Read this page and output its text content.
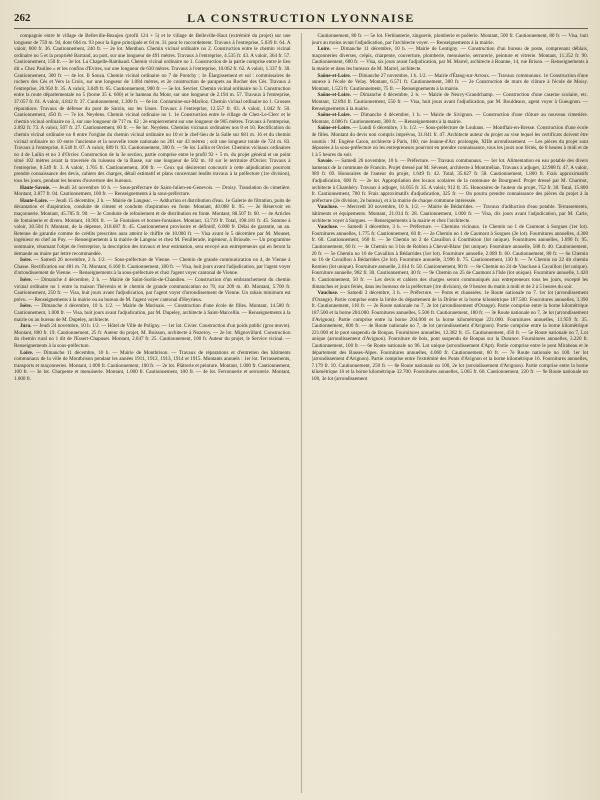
262	LA CONSTRUCTION LYONNAISE

compagnie entre le village de Belleville-Beaujeu (profil 124 + 5) et le village de Belleville-Haut (extrémité du projet) sur une longueur de 759 m. 94, dont 604 m. 93 pour la ligne principale et 64 m. 31 pour le raccordement. Travaux à l'entreprise, 5.039 fr. 64. A valoir, 800 fr. 36. Cautionnement, 240 fr. — 2e lot. Menthon. Chemin vicinal ordinaire no 2. Construction entre le chemin vicinal ordinaire no 5 et la propriété Barrand, au port, sur une longueur de 491 mètres. Travaux à l'entreprise, 4.535 fr. 43. A valoir, 364 fr. 57. Cautionnement, 150 fr. — 3e lot. La Chapelle-Rambaud. Chemin vicinal ordinaire no 1. Construction de la partie comprise entre le lieu dit « Chez Pauline » et les confins d'Evires, sur une longueur de 630 mètres. Travaux à l'entreprise, 10.062 fr. 62. A valoir, 1.337 fr. 38. Cautionnement, 300 fr. — 4e lot. Il Sonza. Chemin vicinal ordinaire no 7 de Pontchy ; 1e Élargissement et sol : commissaires de rochers des Cés et Vers la Croix, sur une longueur de 1.084 mètres, et 2e construction de parapets au Rocher des Cés. Travaux à l'entreprise, 26.950 fr. 35. A valoir, 3.049 fr. 65. Cautionnement, 900 fr. — 5e lot. Sevrier. Chemin vicinal ordinaire no 3. Construction entre la route départementale no 5 (borne 35 k. 600) et le hameau du Mont, sur une longueur de 2.194 m. 57. Travaux à l'entreprise, 37.057 fr. 61. A valoir, 4.842 fr. 37. Cautionnement, 1.300 fr. — 6e lot. Contamine-sur-Marlioz. Chemin vicinal ordinaire no 1. Grosses réparations. Travaux de défense du pont de Sarzin, sur les Usses. Travaux à l'entreprise, 12.557 fr. 03. A valoir, 1.042 fr. 50. Cautionnement, 450 fr. — 7e lot. Neydens. Chemin vicinal ordinaire no 1. 1e Construction entre le village de Chez-Le-Clerc et le chemin vicinal ordinaire no 3, sur une longueur de 717 m. 62 ; 2e empierrement sur une longueur de 905 mètres. Travaux à l'entreprise, 2.892 fr. 73. A valoir, 507 fr. 27. Cautionnement, 60 fr. — 8e lot. Neydens. Chemins vicinaux ordinaires nos 8 et 10. Rectification du chemin vicinal ordinaire no 8 entre l'origine du chemin vicinal ordinaire no 10 et le chef-lieu de la Salle sur 681 m. 16 et du chemin vicinal ordinaire no 10 entre l'ancienne et la nouvelle route nationale no 201 sur 43 mètres ; soit une longueur totale de 724 m. 83. Travaux à l'entreprise, 8.540 fr. 07. A valoir, 889 fr. 93. Cautionnement, 300 fr. — 9e lot. Lullin et Orcier. Chemins vicinaux ordinaires no 4 de Lullin et no 3 d'Orcier. Construction de la 3e section, partie comprise entre le profil 92 + 5 m. du projet général et un point situé 102 mètres avant la traversée du ruisseau de la Basse, sur une longueur de 502 m. 10 sur le territoire d'Orcier. Travaux à l'entreprise, 8.549 fr. 3. A valoir, 1.765 fr. Cautionnement, 300 fr. — Ceux qui désireront concourir à cette adjudication pourront prendre connaissance des devis, cahiers des charges, détail estimatif et plans concernant lesdits travaux à la préfecture (1re division), tous les jours, pendant les heures d'ouverture des bureaux.

Haute-Savoie. — Jeudi 24 novembre 10 h. — Sous-préfecture de Saint-Julien-en-Genevois. — Droisy. Translation du cimetière. Montant, 3.877 fr. 04. Cautionnement, 100 fr. — Renseignements à la sous-préfecture.

Haute-Loire. — Jeudi 15 décembre, 2 h. — Mairie de Langeac. — Adduction et distribution d'eau. 1e Galerie de filtration, puits de décantation et d'aspiration, conduite de ciment et conduite d'aspiration en fonte. Montant, 40.068 fr. 95. — 2e Réservoir en maçonnerie. Montant, 45.785 fr. 90. — 3e Conduite de refoulement et de distribution en fonte. Montant, 88.507 fr. 60. — 4e Articles de fontainerie et divers. Montant, 10.901 fr. — 5e Fontaines et bornes-fontaines. Montant, 13.719 fr. Total, 198.181 fr. 45. Somme à valoir, 30.504 fr. Montant, de la dépense, 218.687 fr. 45. Cautionnement provisoire et définitif, 6.000 fr. Délai de garantie, un an. Retenue de garantie comme de crédits prescrites aura atteint le chiffre de 10.000 fr. — Visa avant le 5 décembre par M. Mounet, ingénieur en chef au Puy. — Renseignements à la mairie de Langeac et chez M. Feuillerade, ingénieur, à Brioude. — Un programme sommaire, résumant l'objet de l'entreprise, la description des travaux et leur estimation, sera envoyé aux entrepreneurs qui en feront la demande au maire par lettre recommandée.

Isère. — Samedi 26 novembre, 2 h. 1/2. — Sous-préfecture de Vienne. — Chemin de grande communication no 4, de Vienne à Chasse. Rectification sur 481 m. 74. Montant, 6.160 fr. Cautionnement, 180 fr. — Visa, huit jours avant l'adjudication, par l'agent voyer d'arrondissement de Vienne. — Renseignements à la sous-préfecture et chez l'agent voyer cantonal de Vienne.

Isère. — Dimanche 4 décembre, 2 h. — Mairie de Saint-Sorlin-de-Chandieu. — Construction d'un embranchement du chemin vicinal ordinaire no 1 entre la maison Thévenin et le chemin de grande communication no 70, sur 209 m. 40. Montant, 5.700 fr. Cautionnement, 250 fr. — Visa, huit jours avant l'adjudication, par l'agent voyer d'arrondissement de Vienne. Un rabais minimum est prévu. — Renseignements à la mairie ou au bureau de M. l'agent voyer cantonal d'Heyrieux.

Isère. — Dimanche 4 décembre, 10 h. 1/2. — Mairie de Murinais. — Construction d'une école de filles. Montant, 14.580 fr. Cautionnement, 1.000 fr. — Visa, huit jours avant l'adjudication, par M. Dupeley, architecte à Saint-Marcellin. — Renseignements à la mairie ou au bureau de M. Dupeley, architecte.

Jura. — Jeudi 24 novembre, 10 h. 1/2. — Hôtel de Ville de Poligny. — 1er lot. Civier. Construction d'un poids public (gros œuvre). Montant, 800 fr. 19. Cautionnement, 25 fr. Auteur du projet, M. Boisson, architecte à Nozeroy. — 2e lot. Mignovillard. Construction du chemin rural no 1 dit de l'Essert-Chapuset. Montant, 2.047 fr. 25. Cautionnement, 100 fr. Auteur du projet, le Service vicinal. — Renseignements à la sous-préfecture.

Loire. — Dimanche 11 décembre, 10 h. — Mairie de Montbrison. — Travaux de réparations et d'entretien des bâtiments communaux de la ville de Montbrison pendant les années 1911, 1912, 1913, 1914 et 1915. Montants annuels : 1er lot. Terrassements, transports et maçonneries. Montant, 1.000 fr. Cautionnement, 100 fr. — 2e lot. Plâtrerie et peinture. Montant, 1.000 fr. Cautionnement, 100 fr. — 3e lot. Charpente et menuiserie. Montant, 1.000 fr. Cautionnement, 100 fr. — 4e lot. Ferronnerie et serrurerie. Montant, 1.000 fr.

Cautionnement, 80 fr. — 5e lot. Ferblanterie, zinguerie, plomberie et poêlerie. Montant, 500 fr. Cautionnement, 80 fr. — Visa, huit jours au moins avant l'adjudication, par l'architecte voyer. — Renseignements à la mairie.

Loire. — Dimanche 11 décembre, 10 h. — Mairie de Lentigny. — Construction d'un bureau de poste, comprenant déblais, maçonneries diverses, crépis, charpente, couverture, plomberie, menuiserie, serrurerie, peinture et vitrerie. Montant, 11.352 fr. 90. Cautionnement, 600 fr. — Visa, six jours avant l'adjudication, par M. Marrel, architecte à Roanne, 14, rue Brison. — Renseignements à la mairie et dans les bureaux de M. Marrel, architecte.

Saône-et-Loire. — Dimanche 27 novembre, 1 h. 1/2. — Mairie d'Étang-sur-Arroux. — Travaux communaux. 1e Construction d'une annexe à l'école de Velay. Montant, 6.571 fr. Cautionnement, 300 fr. — 2e Construction de murs de clôture à l'école de Moisy. Montant, 1.523 fr. Cautionnement, 75 fr. — Renseignements à la mairie.

Saône-et-Loire. — Dimanche 4 décembre, 2 h. — Mairie de Neuvy-Grandchamp. — Construction d'une caserne scolaire, etc. Montant, 12.894 fr. Cautionnement, 550 fr. — Visa, huit jours avant l'adjudication, par M. Bouldeaux, agent voyer à Gueugnon. — Renseignements à la mairie.

Saône-et-Loire. — Dimanche 4 décembre, 1 h. — Mairie de Sivignon. — Construction d'une clôture au nouveau cimetière. Montant, 4.086 fr. Cautionnement, 300 fr. — Renseignements à la mairie.

Saône-et-Loire. — Lundi 6 décembre, 1 h. 1/2. — Sous-préfecture de Louhans. — Montflair-en-Bresse. Construction d'une école de filles. Montant du devis non compris imprévus, 31.841 fr. 47. Architecte auteur du projet au vise lequel les certificats doivent être soumis : M. Eugène Caron, architecte à Paris, 160, rue Jeanne-d'Arc prolongée, XIIIe arrondissement. — Les pièces du projet sont déposées à la sous-préfecture où les entrepreneurs pourront en prendre connaissance, tous les jours non fériés, de 8 heures à midi et de 1 à 5 heures du soir.

Savoie. — Samedi 26 novembre, 10 h. — Préfecture. — Travaux communaux. — 1er lot. Alimentation en eau potable des divers hameaux de la commune de Francin. Projet dressé par M. Sévenet, architecte à Montmélian. Travaux à adjuger, 32.988 fr. 47. A valoir, 989 fr. 69. Honoraires de l'auteur du projet, 1.649 fr. 42. Total, 35.627 fr. 58. Cautionnement, 1.800 fr. Frais approximatifs d'adjudication, 600 fr. — 2e lot. Appropriation des locaux scolaires de la commune de Bourgneuf. Projet dressé par M. Charmot, architecte à Chambéry. Travaux à adjuger, 14.055 fr. 35. A valoir, 912 fr. 35. Honoraires de l'auteur du projet, 752 fr. 30. Total, 15.800 fr. Cautionnement, 700 fr. Frais approximatifs d'adjudication, 325 fr. — On pourra prendre connaissance des pièces du projet à la préfecture (2e division, 2e bureau), et à la mairie de chaque commune intéressée.

Vaucluse. — Mercredi 30 novembre, 10 h. 1/2. — Mairie de Bédarrides. — Travaux d'adduction d'eau potable. Terrassements, bâtiments et équipements. Montant, 21.014 fr. 28. Cautionnement, 1.000 fr. — Visa, dix jours avant l'adjudication, par M. Carle, architecte voyer à Sorgues. — Renseignements à la mairie et chez l'architecte.

Vaucluse. — Samedi 3 décembre, 3 h. — Préfecture. — Chemins vicinaux. 1e Chemin no 1 de Caumont à Sorgues (1er lot). Fournitures annuelles, 1.775 fr. Cautionnement, 60 fr. — 2e Chemin no 1 de Caumont à Sorgues (2e lot). Fournitures annuelles, 4.300 fr. 60. Cautionnement, 160 fr. — 3e Chemin no 2 de Cavaillon à Courthézon (lot unique). Fournitures annuelles, 1.890 fr. 95. Cautionnement, 60 fr. — 4e Chemin no 3 bis de Robion à Cheval-Blanc (lot unique). Fourniture annuelle, 588 fr. 40. Cautionnement, 20 fr. — 5e Chemin no 16 de Cavaillon à Bédarrides (1er lot). Fourniture annuelle, 2.089 fr. 60. Cautionnement, 80 fr. — 6e Chemin no 16 de Cavaillon à Bédarrides (2e lot). Fourniture annuelle, 3.996 fr. 75. Cautionnement, 130 fr. — 7e Chemin no 22 dit chemin Romieu (lot unique). Fourniture annuelle, 2.614 fr. 50. Cautionnement, 90 fr. — 8e Chemin no 24 de Vaucluse à Cavaillon (lot unique). Fourniture annuelle, 982 fr. 30. Cautionnement, 40 fr. — 9e Chemin no 25 de Caumont à l'Isle (lot unique). Fourniture annuelle, 1.420 fr. Cautionnement, 50 fr. — Les devis et cahiers des charges seront communiqués aux entrepreneurs tous les jours, excepté les dimanches et jours fériés, dans les bureaux de la préfecture (1re division), de 9 heures du matin à midi et de 2 à 5 heures du soir.

Vaucluse. — Samedi 3 décembre, 3 h. — Préfecture. — Ponts et chaussées. 1e Route nationale no 7. 1er lot (arrondissement d'Orange). Partie comprise entre la limite du département de la Drôme et la borne kilométrique 187.500. Fournitures annuelles, 3.390 fr. Cautionnement, 110 fr. — 2e Route nationale no 7, 2e lot (arrondissement d'Orange). Partie comprise entre la borne kilométrique 187.500 et la borne 204.000. Fournitures annuelles, 5.500 fr. Cautionnement, 180 fr. — 3e Route nationale no 7, 3e lot (arrondissement d'Avignon). Partie comprise entre la borne 204.000 et la borne kilométrique 221.000. Fournitures annuelles, 11.959 fr. 35. Cautionnement, 600 fr. — 4e Route nationale no 7, 4e lot (arrondissement d'Avignon). Partie comprise entre la borne kilométrique 221.000 et le pont suspendu de Bonpas. Fournitures annuelles, 12.382 fr. 15. Cautionnement, 450 fr. — 5e Route nationale no 7, Lot unique (arrondissement d'Avignon). Fourniture de bois, pont suspendu de Bonpas sur la Durance. Fournitures annuelles, 3.220 fr. Cautionnement, 100 fr. — 6e Route nationale no 96. Lot unique (arrondissement d'Apt). Partie comprise entre le pont Mirabeau et le département des Basses-Alpes. Fournitures annuelles, 4.060 fr. Cautionnement, 60 fr. — 7e Route nationale no 100. 1er lot (arrondissement d'Avignon). Partie comprise entre l'extrémité des Ponts d'Avignon et la borne kilométrique 16. Fournitures annuelles, 7.179 fr. 10. Cautionnement, 250 fr. — 8e Route nationale no 100, 2e lot (arrondissement d'Avignon). Partie comprise entre la borne kilométrique 16 et la borne kilométrique 32.700. Fournitures annuelles, 5.065 fr. 60. Cautionnement, 220 fr. — 9e Route nationale no 100, 3e lot (arrondissement
